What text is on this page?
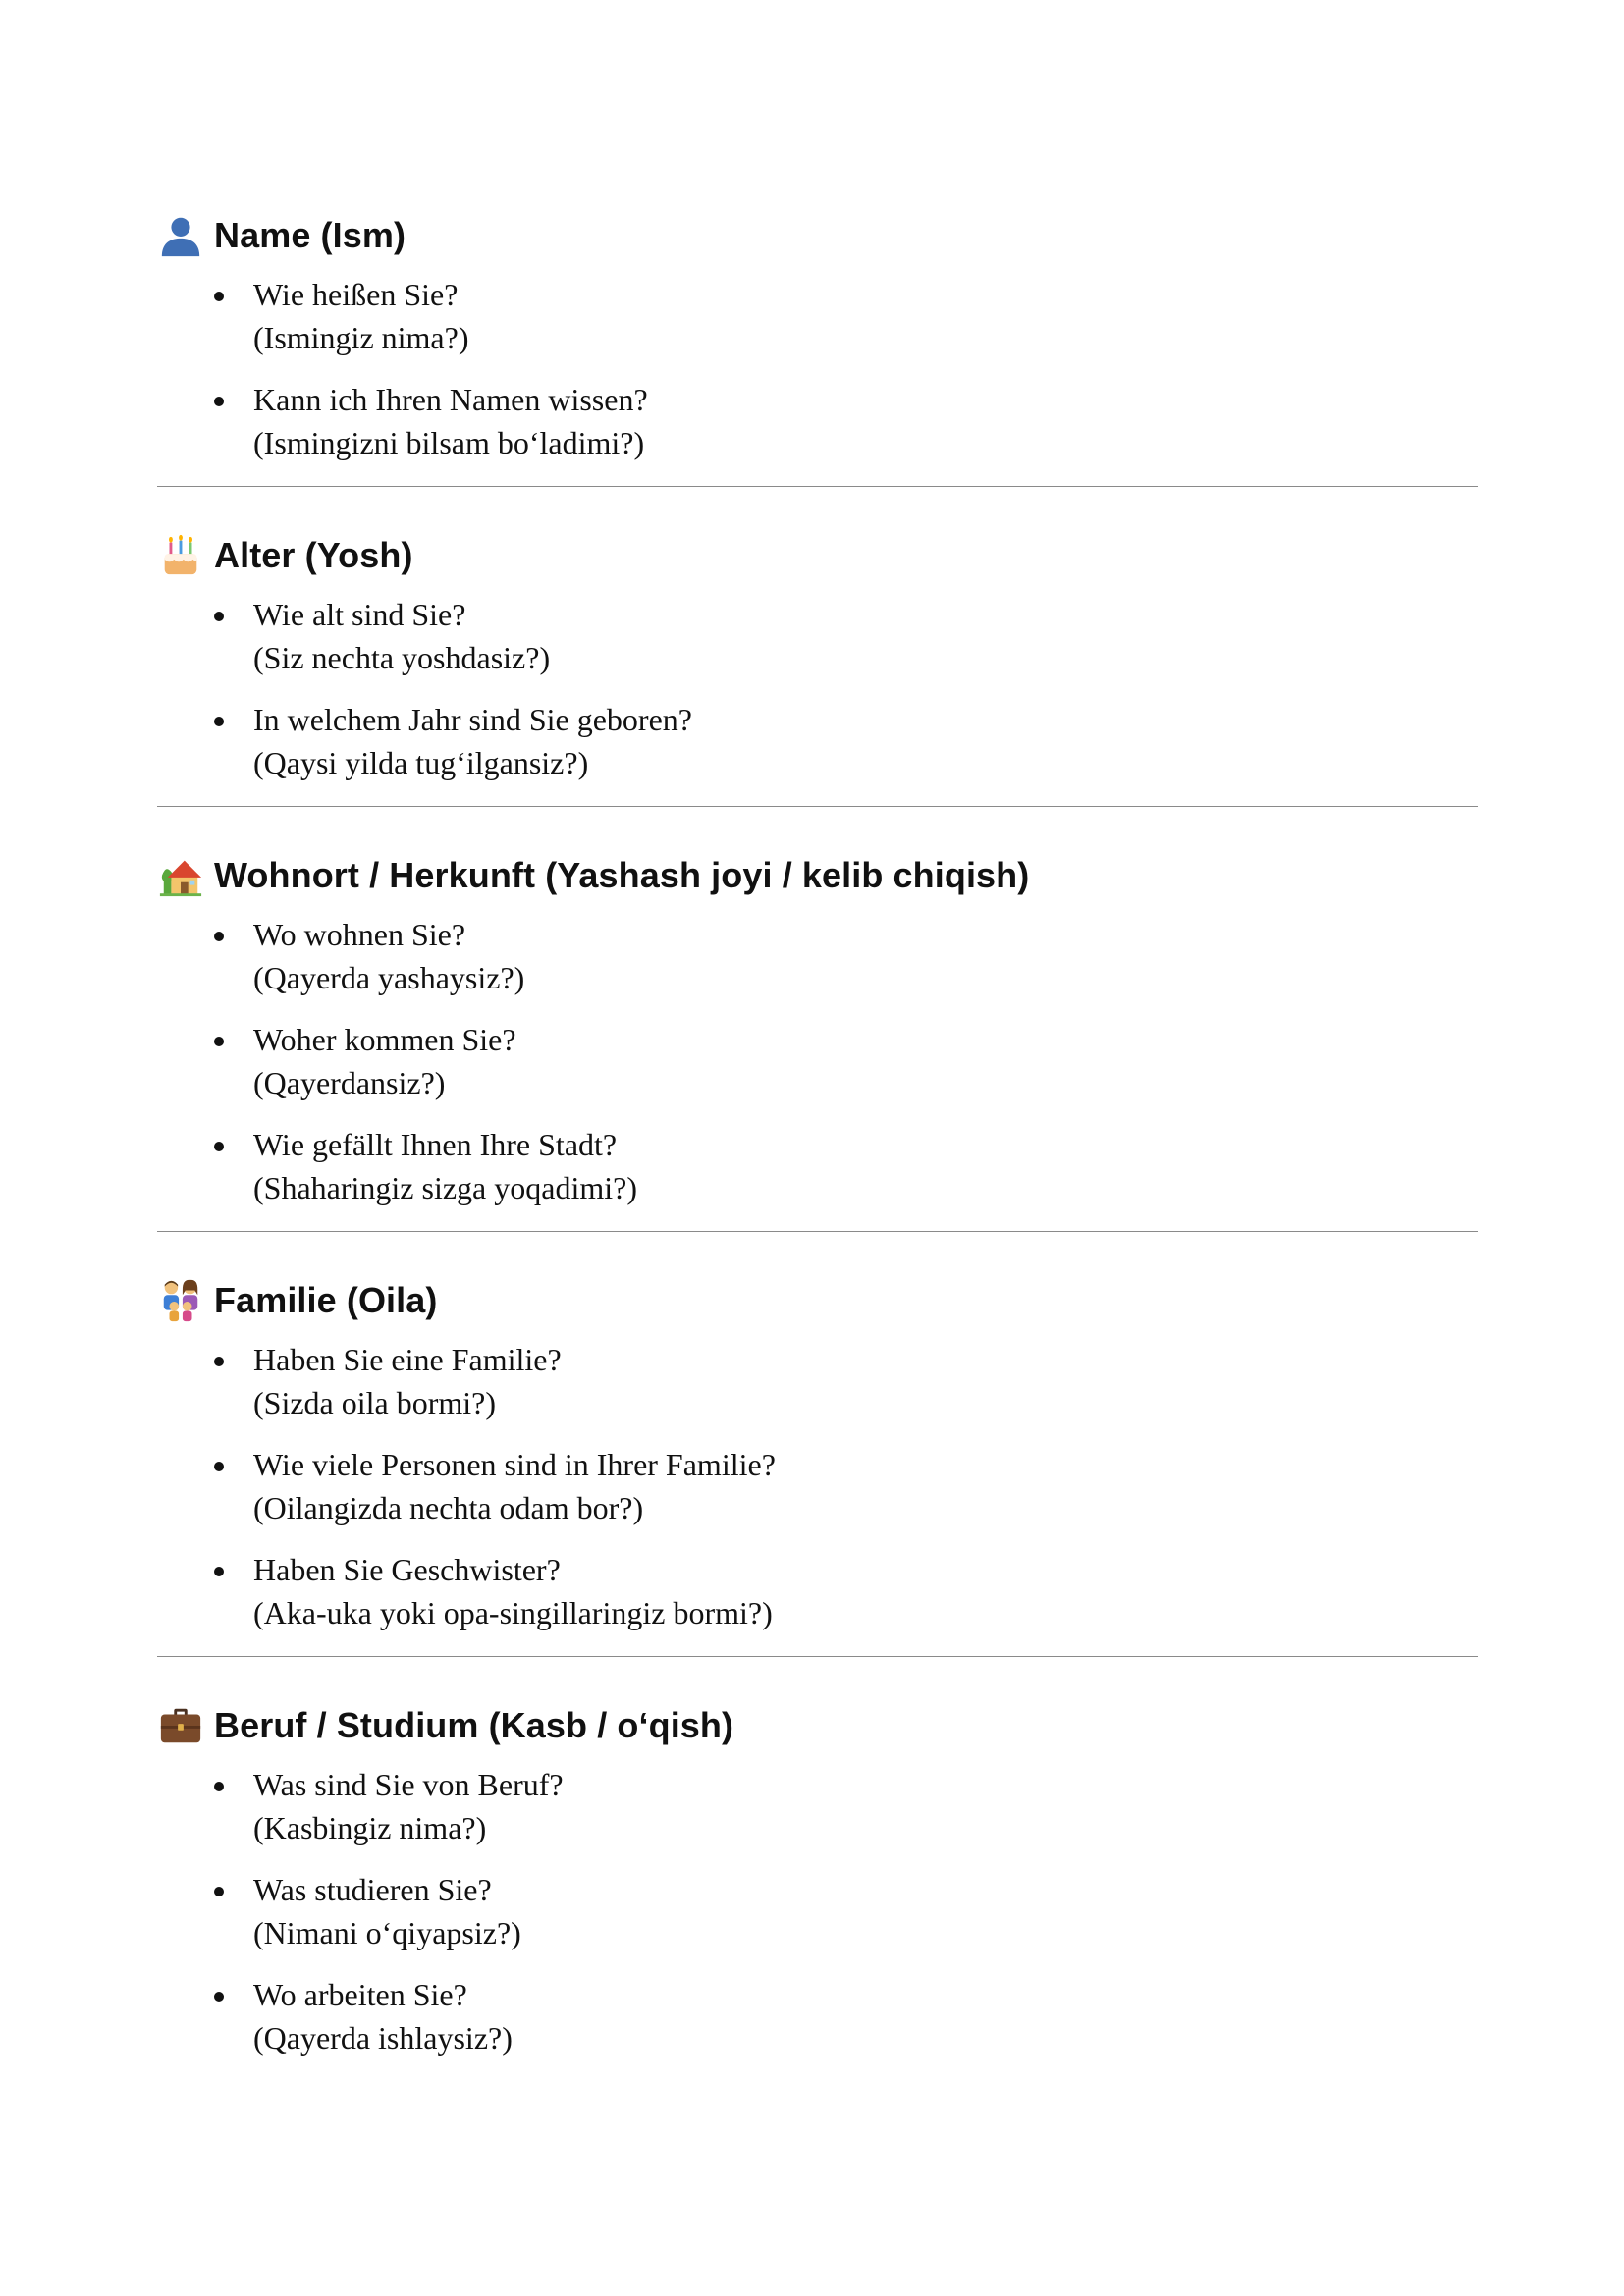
Name (Ism)
Wie heißen Sie?
(Ismingiz nima?)
Kann ich Ihren Namen wissen?
(Ismingizni bilsam bo‘ladimi?)
Alter (Yosh)
Wie alt sind Sie?
(Siz nechta yoshdasiz?)
In welchem Jahr sind Sie geboren?
(Qaysi yilda tug‘ilgansiz?)
Wohnort / Herkunft (Yashash joyi / kelib chiqish)
Wo wohnen Sie?
(Qayerda yashaysiz?)
Woher kommen Sie?
(Qayerdansiz?)
Wie gefällt Ihnen Ihre Stadt?
(Shaharingiz sizga yoqadimi?)
Familie (Oila)
Haben Sie eine Familie?
(Sizda oila bormi?)
Wie viele Personen sind in Ihrer Familie?
(Oilangizda nechta odam bor?)
Haben Sie Geschwister?
(Aka-uka yoki opa-singillaringiz bormi?)
Beruf / Studium (Kasb / o‘qish)
Was sind Sie von Beruf?
(Kasbingiz nima?)
Was studieren Sie?
(Nimani o‘qiyapsiz?)
Wo arbeiten Sie?
(Qayerda ishlaysiz?)
